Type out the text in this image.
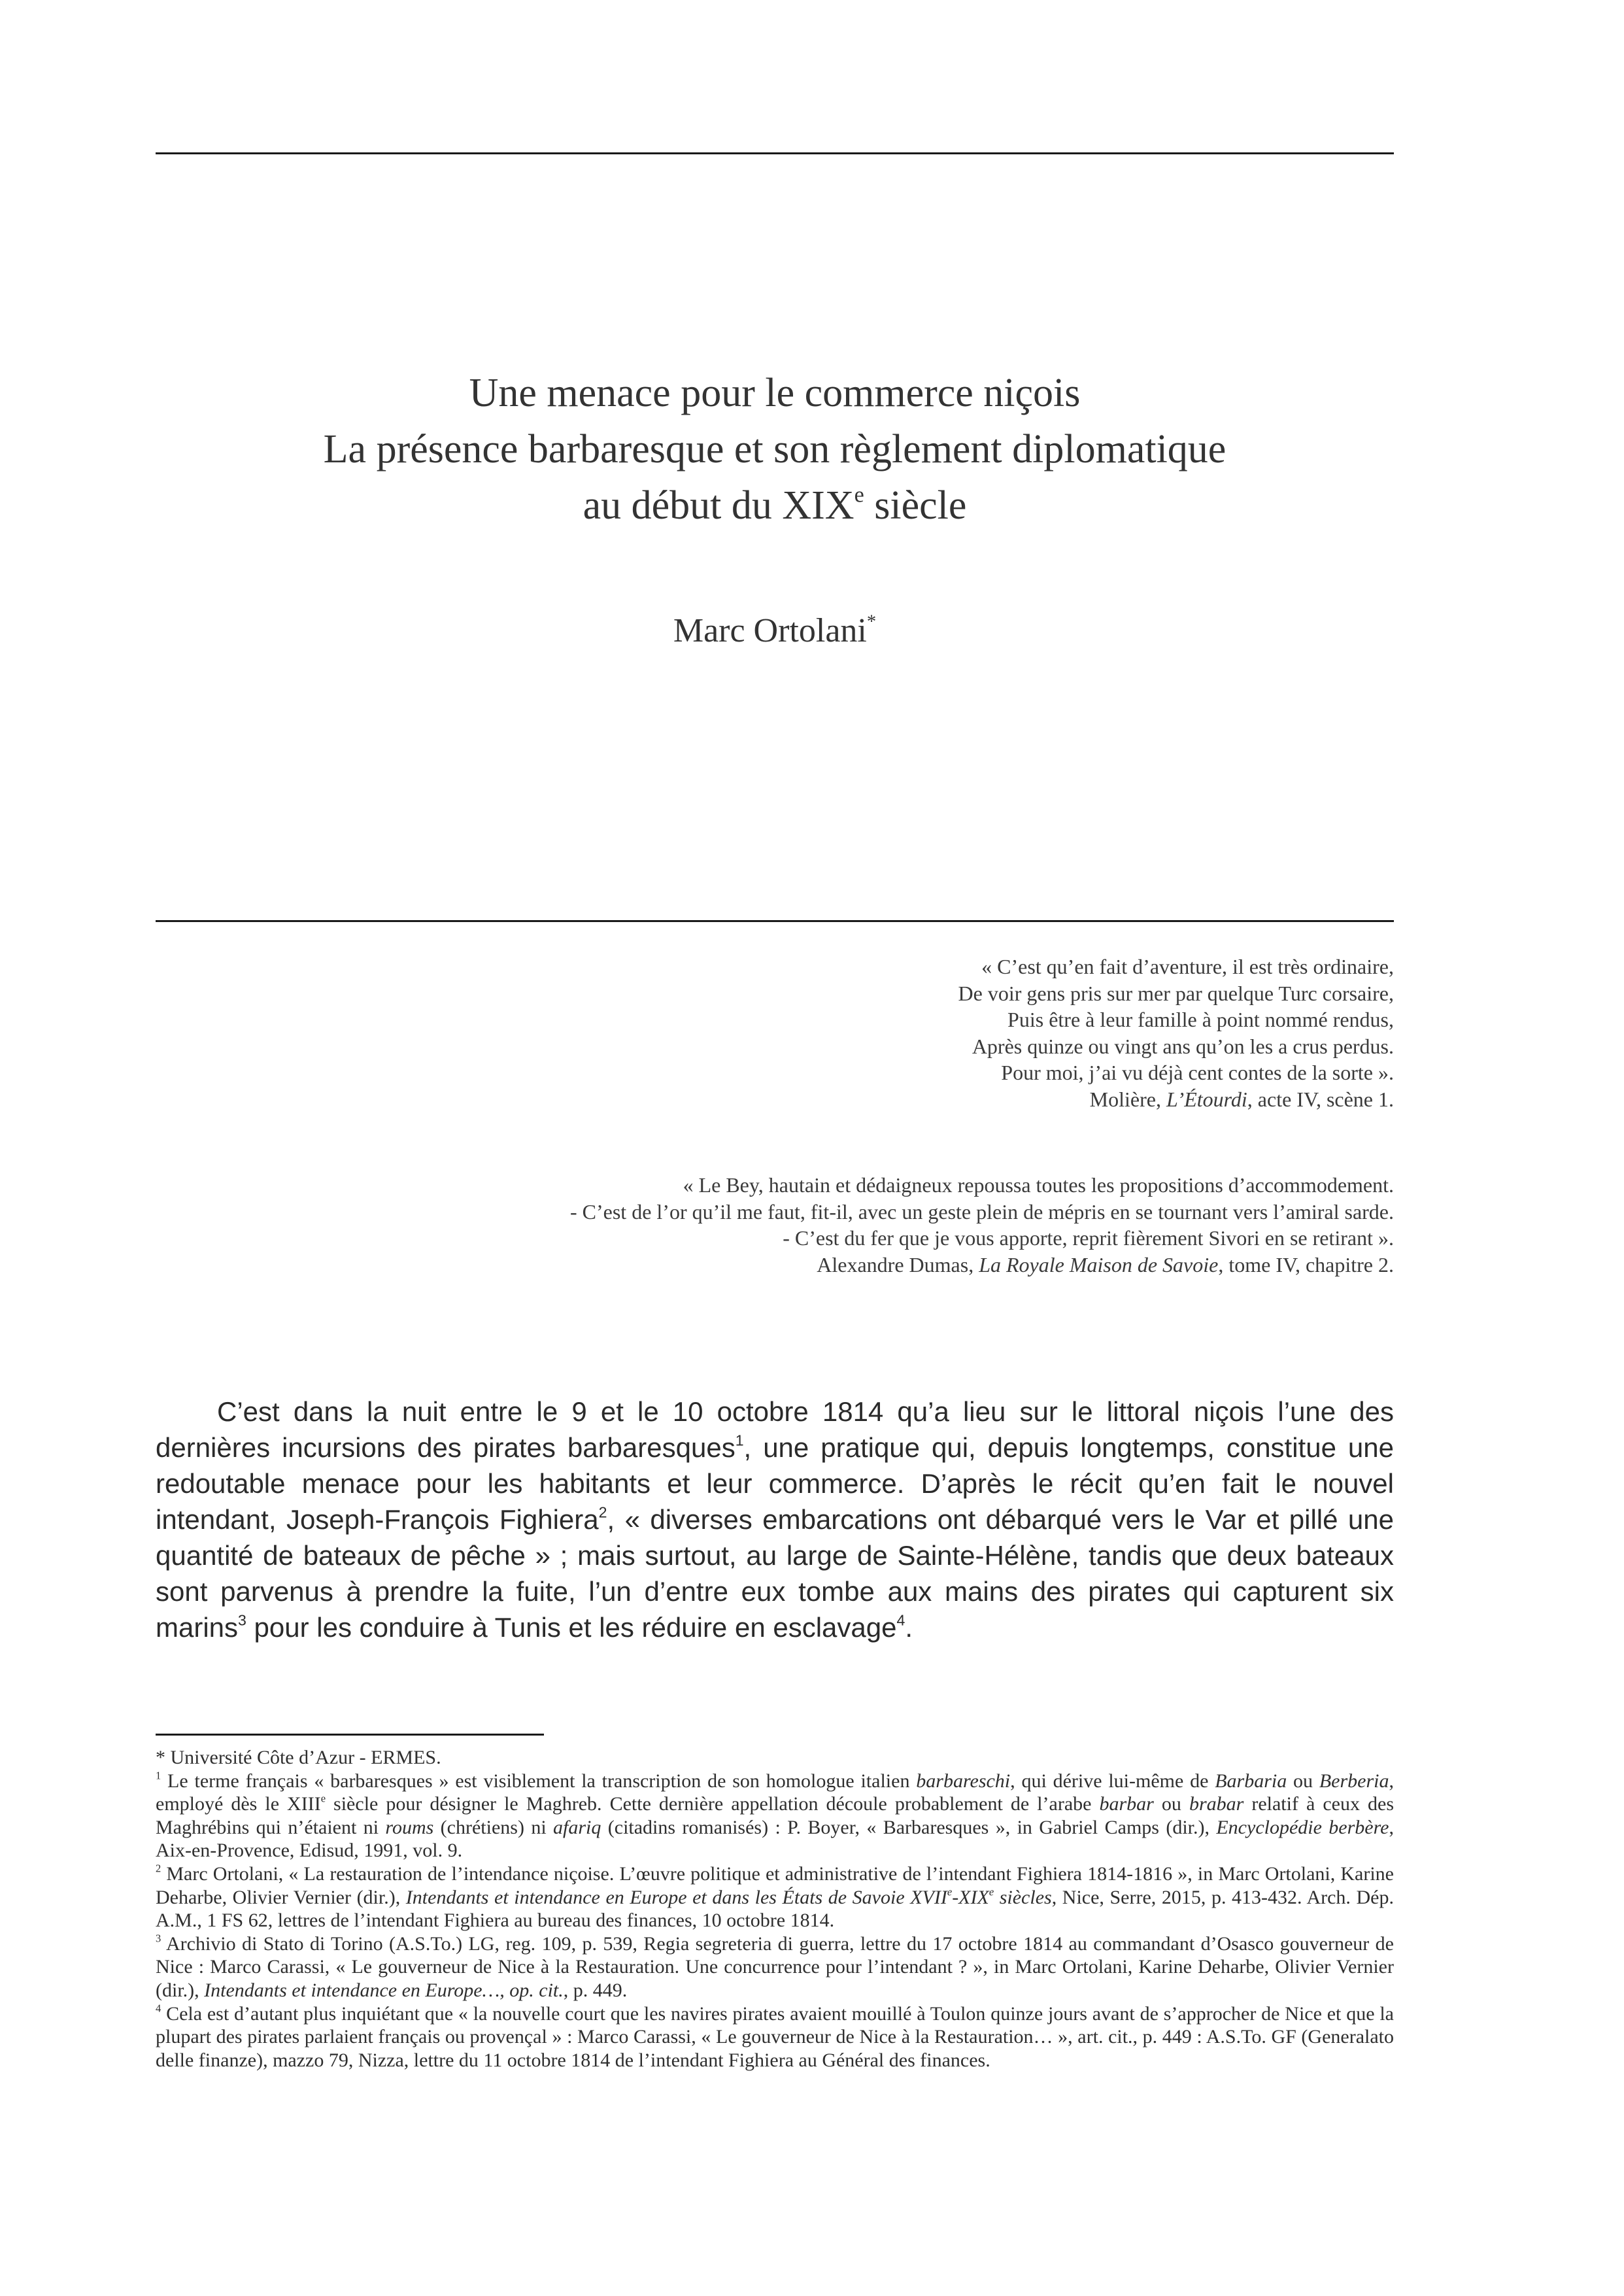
Une menace pour le commerce niçois
La présence barbaresque et son règlement diplomatique
au début du XIXe siècle
Marc Ortolani*
« C’est qu’en fait d’aventure, il est très ordinaire,
De voir gens pris sur mer par quelque Turc corsaire,
Puis être à leur famille à point nommé rendus,
Après quinze ou vingt ans qu’on les a crus perdus.
Pour moi, j’ai vu déjà cent contes de la sorte ».
Molière, L’Étourdi, acte IV, scène 1.
« Le Bey, hautain et dédaigneux repoussa toutes les propositions d’accommodement.
- C’est de l’or qu’il me faut, fit-il, avec un geste plein de mépris en se tournant vers l’amiral sarde.
- C’est du fer que je vous apporte, reprit fièrement Sivori en se retirant ».
Alexandre Dumas, La Royale Maison de Savoie, tome IV, chapitre 2.

C’est dans la nuit entre le 9 et le 10 octobre 1814 qu’a lieu sur le littoral niçois l’une des dernières incursions des pirates barbaresques$^1$, une pratique qui, depuis longtemps, constitue une redoutable menace pour les habitants et leur commerce. D’après le récit qu’en fait le nouvel intendant, Joseph-François Fighiera$^2$, « diverses embarcations ont débarqué vers le Var et pillé une quantité de bateaux de pêche » ; mais surtout, au large de Sainte-Hélène, tandis que deux bateaux sont parvenus à prendre la fuite, l’un d’entre eux tombe aux mains des pirates qui capturent six marins$^3$ pour les conduire à Tunis et les réduire en esclavage$^4$.

* Université Côte d’Azur - ERMES.

$^1$ Le terme français « barbaresques » est visiblement la transcription de son homologue italien barbareschi, qui dérive lui-même de Barbaria ou Berberia, employé dès le XIIIe siècle pour désigner le Maghreb. Cette dernière appellation découle probablement de l’arabe barbar ou brabar relatif à ceux des Maghrébins qui n’étaient ni roums (chrétiens) ni afariq (citadins romanisés) : P. Boyer, « Barbaresques », in Gabriel Camps (dir.), Encyclopédie berbère, Aix-en-Provence, Edisud, 1991, vol. 9.

$^2$ Marc Ortolani, « La restauration de l’intendance niçoise. L’œuvre politique et administrative de l’intendant Fighiera 1814-1816 », in Marc Ortolani, Karine Deharbe, Olivier Vernier (dir.), Intendants et intendance en Europe et dans les États de Savoie XVIIe-XIXe siècles, Nice, Serre, 2015, p. 413-432. Arch. Dép. A.M., 1 FS 62, lettres de l’intendant Fighiera au bureau des finances, 10 octobre 1814.

$^3$ Archivio di Stato di Torino (A.S.To.) LG, reg. 109, p. 539, Regia segreteria di guerra, lettre du 17 octobre 1814 au commandant d’Osasco gouverneur de Nice : Marco Carassi, « Le gouverneur de Nice à la Restauration. Une concurrence pour l’intendant ? », in Marc Ortolani, Karine Deharbe, Olivier Vernier (dir.), Intendants et intendance en Europe…, op. cit., p. 449.

$^4$ Cela est d’autant plus inquiétant que « la nouvelle court que les navires pirates avaient mouillé à Toulon quinze jours avant de s’approcher de Nice et que la plupart des pirates parlaient français ou provençal » : Marco Carassi, « Le gouverneur de Nice à la Restauration… », art. cit., p. 449 : A.S.To. GF (Generalato delle finanze), mazzo 79, Nizza, lettre du 11 octobre 1814 de l’intendant Fighiera au Général des finances.
